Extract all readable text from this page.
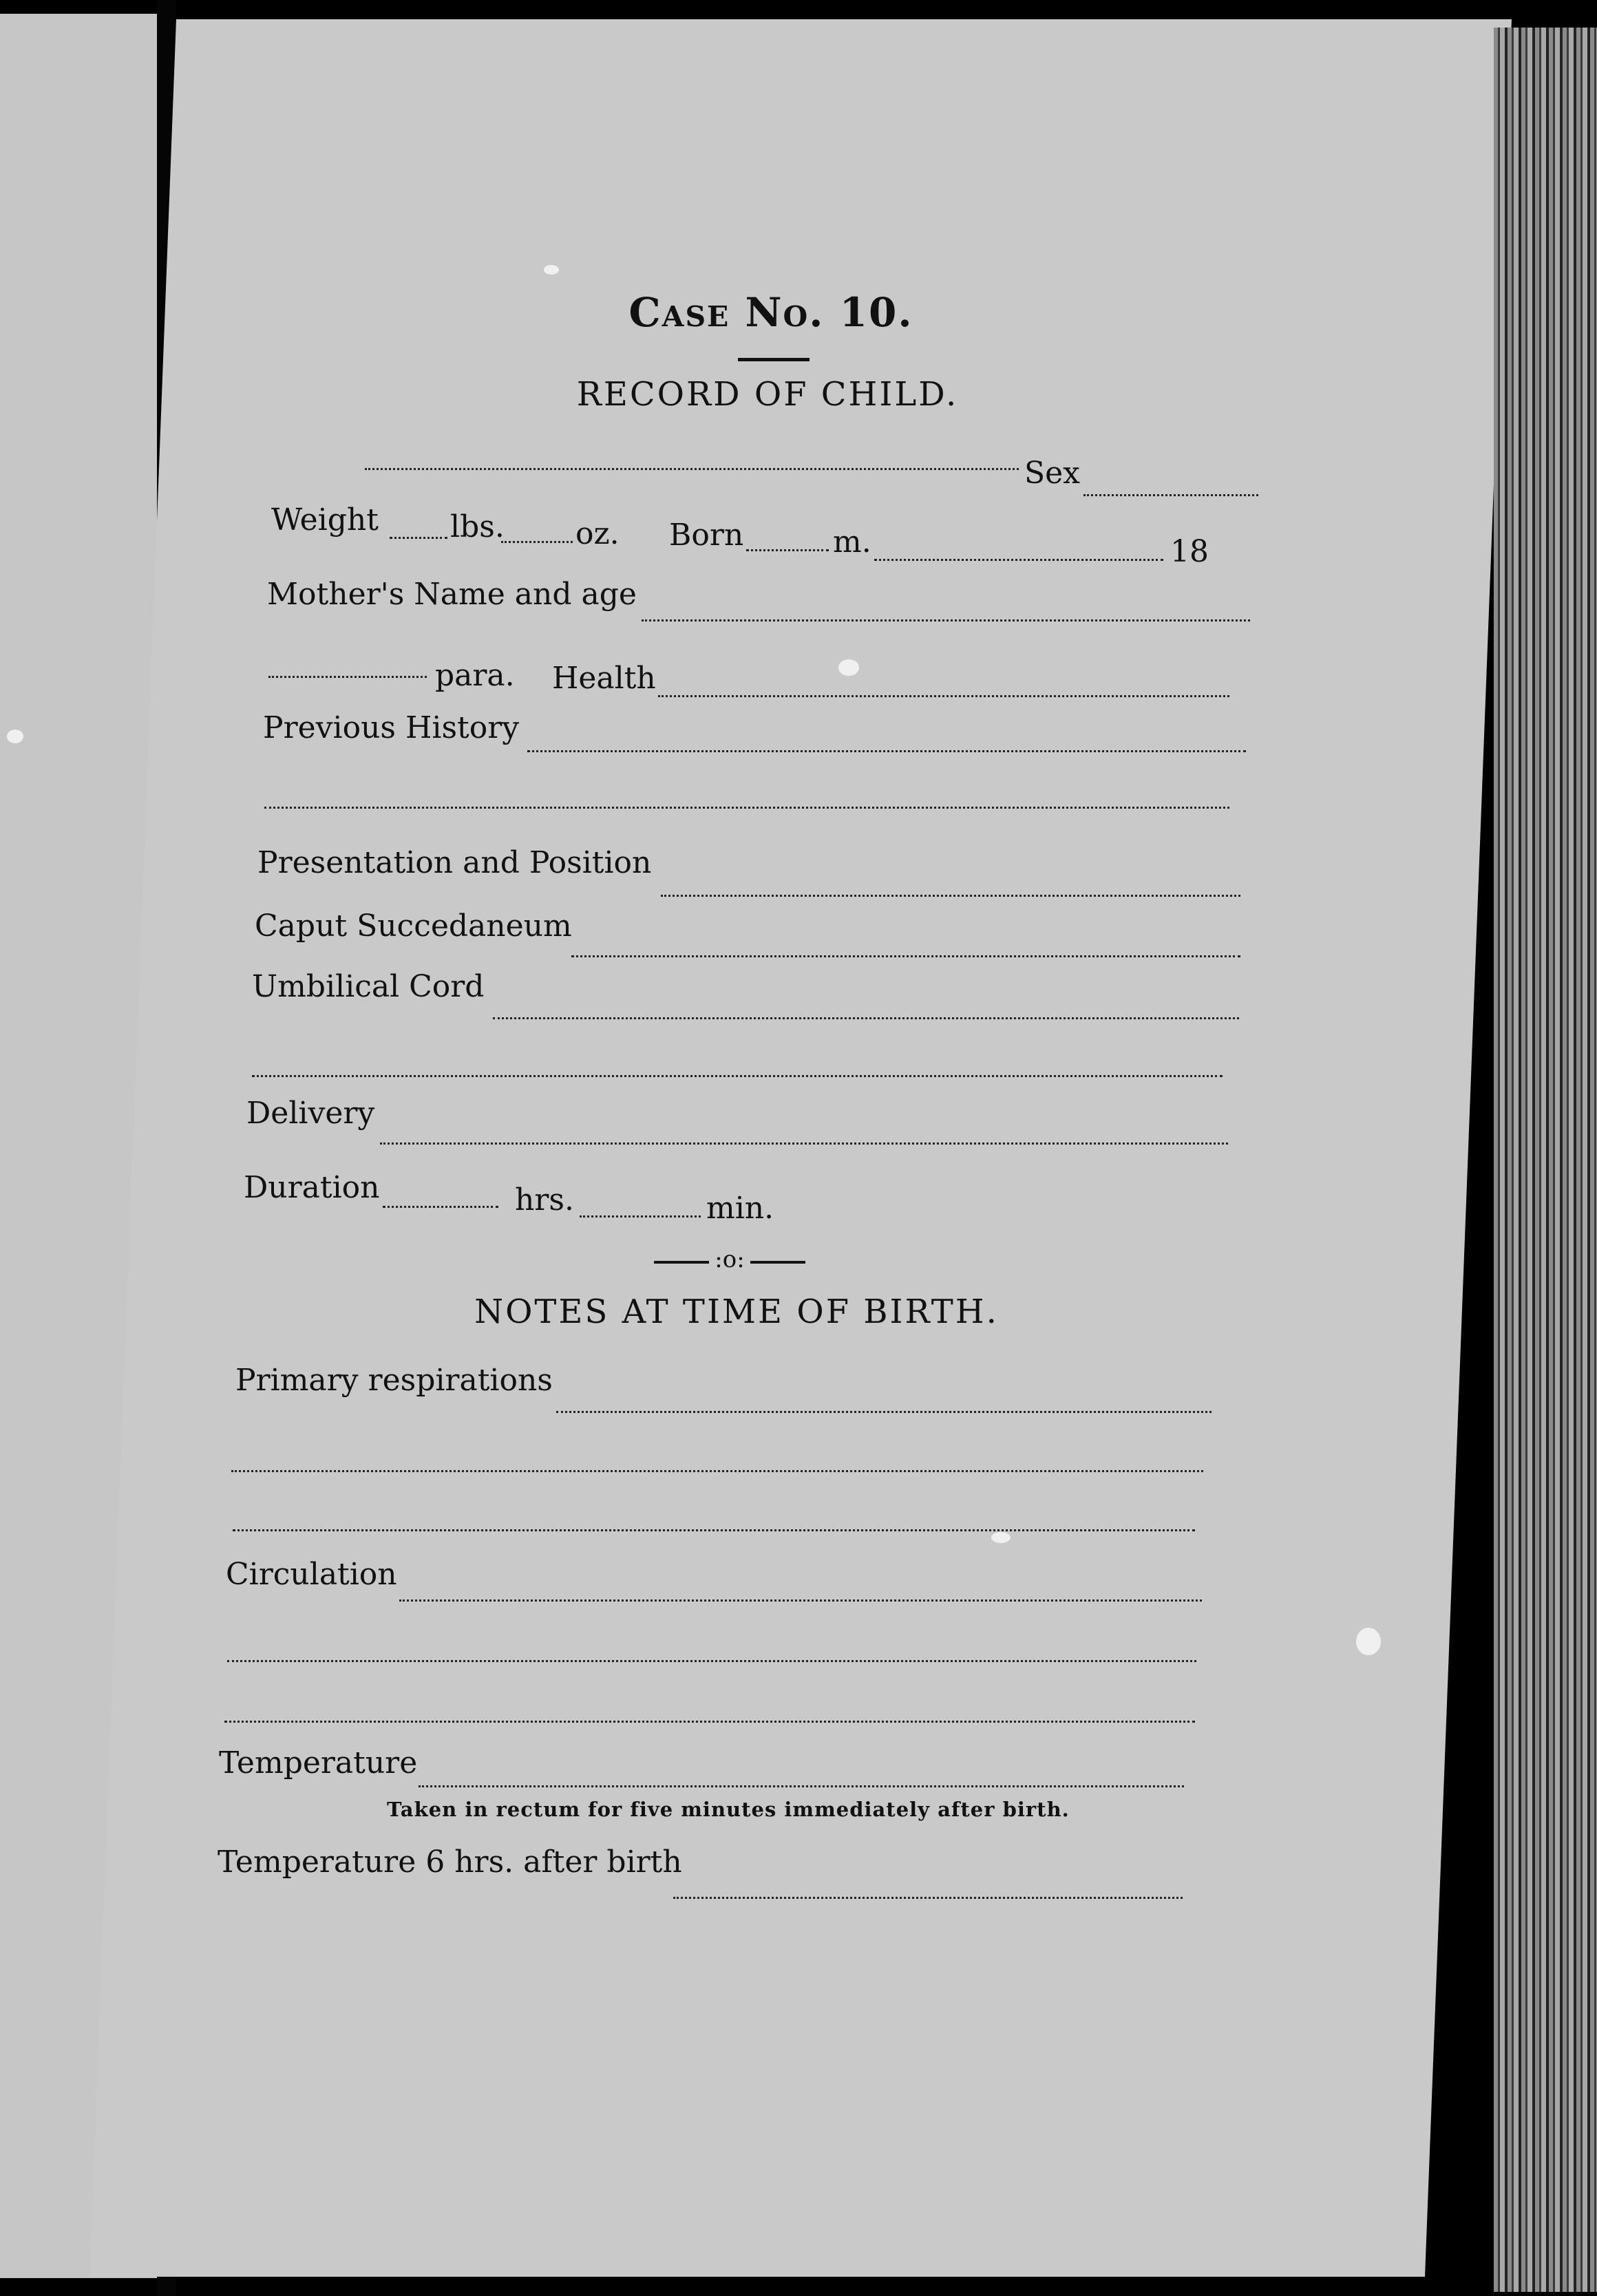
Case No. 10.
RECORD OF CHILD.
Sex
Weight lbs. oz. Born	m.	18
Mother's Name and age
para. Health
Previous History
Presentation and Position
Caput Succedaneum
Umbilical Cord
Delivery
Duration	hrs.	min.
:o:
NOTES AT TIME OF BIRTH.
Primary respirations
Circulation
Temperature
Taken in rectum for five minutes immediately after birth.
Temperature 6 hrs. after birth
